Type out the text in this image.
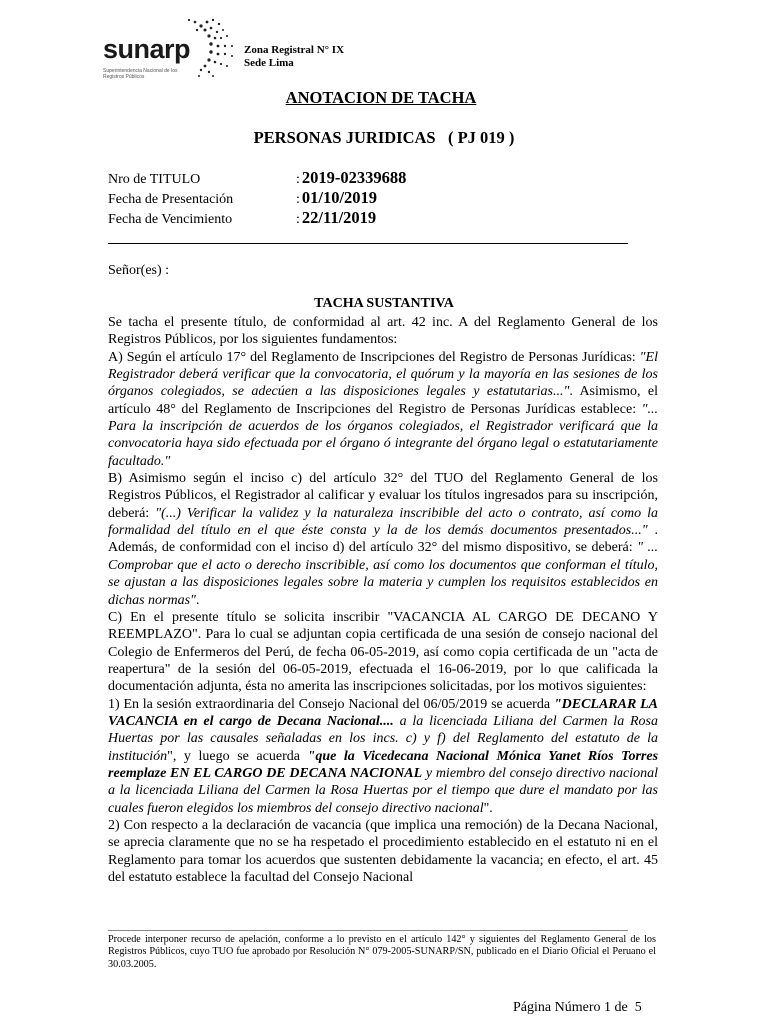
sunarp
Superintendencia Nacional de los Registros Públicos
Zona Registral N° IX
Sede Lima
ANOTACION DE TACHA
PERSONAS JURIDICAS   ( PJ 019 )
Nro de TITULO	: 2019-02339688
Fecha de Presentación	: 01/10/2019
Fecha de Vencimiento	: 22/11/2019
Señor(es) :
TACHA SUSTANTIVA

Se tacha el presente título, de conformidad al art. 42 inc. A del Reglamento General de los Registros Públicos, por los siguientes fundamentos:

A) Según el artículo 17° del Reglamento de Inscripciones del Registro de Personas Jurídicas: "El Registrador deberá verificar que la convocatoria, el quórum y la mayoría en las sesiones de los órganos colegiados, se adecúen a las disposiciones legales y estatutarias...". Asimismo, el artículo 48° del Reglamento de Inscripciones del Registro de Personas Jurídicas establece: "... Para la inscripción de acuerdos de los órganos colegiados, el Registrador verificará que la convocatoria haya sido efectuada por el órgano ó integrante del órgano legal o estatutariamente facultado."

B) Asimismo según el inciso c) del artículo 32° del TUO del Reglamento General de los Registros Públicos, el Registrador al calificar y evaluar los títulos ingresados para su inscripción, deberá: "(...) Verificar la validez y la naturaleza inscribible del acto o contrato, así como la formalidad del título en el que éste consta y la de los demás documentos presentados..." . Además, de conformidad con el inciso d) del artículo 32° del mismo dispositivo, se deberá: " ... Comprobar que el acto o derecho inscribible, así como los documentos que conforman el título, se ajustan a las disposiciones legales sobre la materia y cumplen los requisitos establecidos en dichas normas".

C) En el presente título se solicita inscribir "VACANCIA AL CARGO DE DECANO Y REEMPLAZO". Para lo cual se adjuntan copia certificada de una sesión de consejo nacional del Colegio de Enfermeros del Perú, de fecha 06-05-2019, así como copia certificada de un "acta de reapertura" de la sesión del 06-05-2019, efectuada el 16-06-2019, por lo que calificada la documentación adjunta, ésta no amerita las inscripciones solicitadas, por los motivos siguientes:

1) En la sesión extraordinaria del Consejo Nacional del 06/05/2019 se acuerda "DECLARAR LA VACANCIA en el cargo de Decana Nacional.... a la licenciada Liliana del Carmen la Rosa Huertas por las causales señaladas en los incs. c) y f) del Reglamento del estatuto de la institución", y luego se acuerda "que la Vicedecana Nacional Mónica Yanet Ríos Torres reemplaze EN EL CARGO DE DECANA NACIONAL y miembro del consejo directivo nacional a la licenciada Liliana del Carmen la Rosa Huertas por el tiempo que dure el mandato por las cuales fueron elegidos los miembros del consejo directivo nacional".

2) Con respecto a la declaración de vacancia (que implica una remoción) de la Decana Nacional, se aprecia claramente que no se ha respetado el procedimiento establecido en el estatuto ni en el Reglamento para tomar los acuerdos que sustenten debidamente la vacancia; en efecto, el art. 45 del estatuto establece la facultad del Consejo Nacional

Procede interponer recurso de apelación, conforme a lo previsto en el artículo 142° y siguientes del Reglamento General de los Registros Públicos, cuyo TUO fue aprobado por Resolución N° 079-2005-SUNARP/SN, publicado en el Diario Oficial el Peruano el 30.03.2005.
Página Número 1 de  5
